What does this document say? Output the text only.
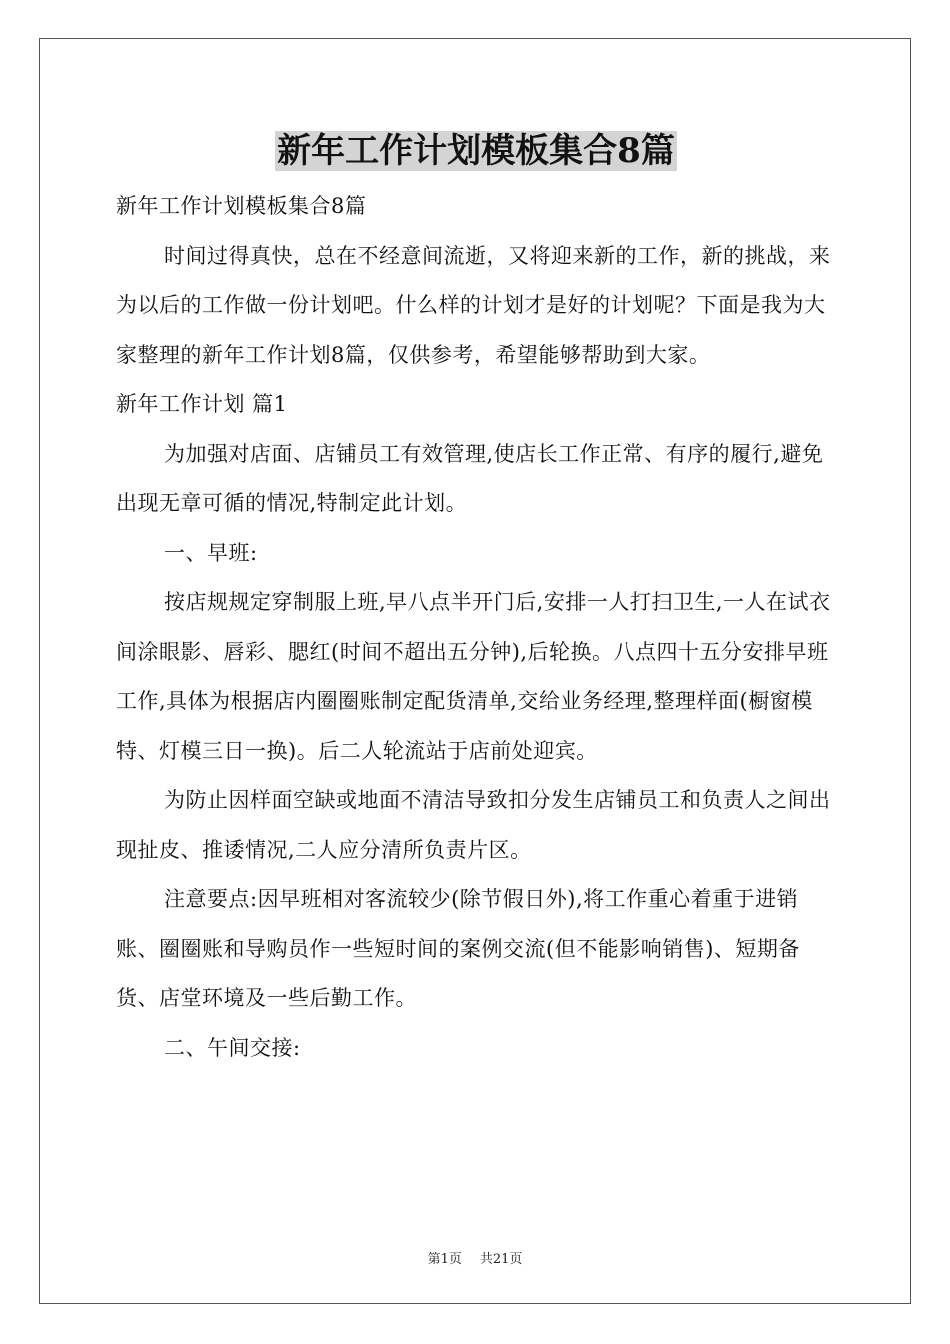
新年工作计划模板集合8篇

新年工作计划模板集合8篇

时间过得真快，总在不经意间流逝，又将迎来新的工作，新的挑战，来为以后的工作做一份计划吧。什么样的计划才是好的计划呢？下面是我为大家整理的新年工作计划8篇，仅供参考，希望能够帮助到大家。

新年工作计划 篇1

为加强对店面、店铺员工有效管理,使店长工作正常、有序的履行,避免出现无章可循的情况,特制定此计划。

一、早班:

按店规规定穿制服上班,早八点半开门后,安排一人打扫卫生,一人在试衣间涂眼影、唇彩、腮红(时间不超出五分钟),后轮换。八点四十五分安排早班工作,具体为根据店内圈圈账制定配货清单,交给业务经理,整理样面(橱窗模特、灯模三日一换)。后二人轮流站于店前处迎宾。

为防止因样面空缺或地面不清洁导致扣分发生店铺员工和负责人之间出现扯皮、推诿情况,二人应分清所负责片区。

注意要点:因早班相对客流较少(除节假日外),将工作重心着重于进销账、圈圈账和导购员作一些短时间的案例交流(但不能影响销售)、短期备货、店堂环境及一些后勤工作。

二、午间交接:

第1页 共21页
